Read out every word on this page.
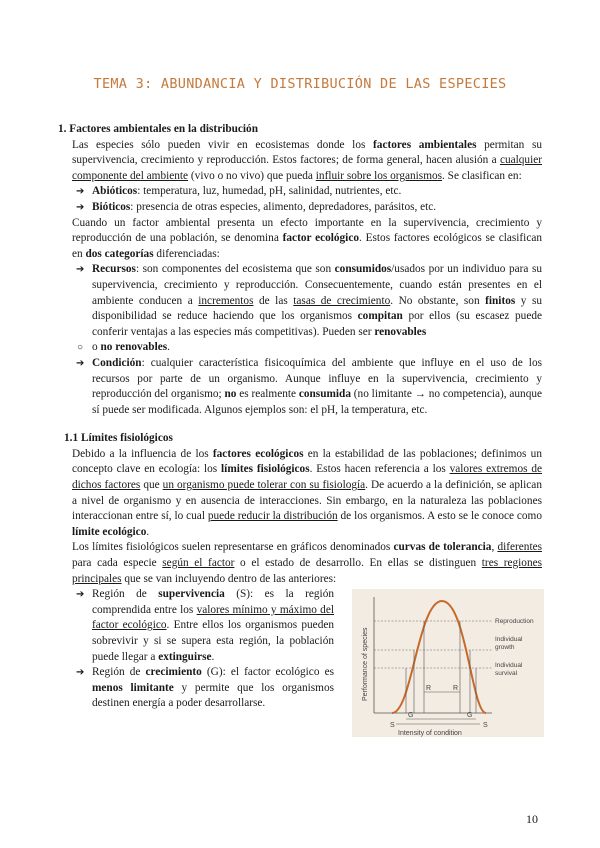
TEMA 3: ABUNDANCIA Y DISTRIBUCIÓN DE LAS ESPECIES

1. Factores ambientales en la distribución

Las especies sólo pueden vivir en ecosistemas donde los factores ambientales permitan su supervivencia, crecimiento y reproducción. Estos factores; de forma general, hacen alusión a cualquier componente del ambiente (vivo o no vivo) que pueda influir sobre los organismos. Se clasifican en:

➔ Abióticos: temperatura, luz, humedad, pH, salinidad, nutrientes, etc.

➔ Bióticos: presencia de otras especies, alimento, depredadores, parásitos, etc.

Cuando un factor ambiental presenta un efecto importante en la supervivencia, crecimiento y reproducción de una población, se denomina factor ecológico. Estos factores ecológicos se clasifican en dos categorías diferenciadas:

➔ Recursos: son componentes del ecosistema que son consumidos/usados por un individuo para su supervivencia, crecimiento y reproducción. Consecuentemente, cuando están presentes en el ambiente conducen a incrementos de las tasas de crecimiento. No obstante, son finitos y su disponibilidad se reduce haciendo que los organismos compitan por ellos (su escasez puede conferir ventajas a las especies más competitivas). Pueden ser renovables

○ o no renovables.

➔ Condición: cualquier característica fisicoquímica del ambiente que influye en el uso de los recursos por parte de un organismo. Aunque influye en la supervivencia, crecimiento y reproducción del organismo; no es realmente consumida (no limitante → no competencia), aunque sí puede ser modificada. Algunos ejemplos son: el pH, la temperatura, etc.

1.1 Límites fisiológicos

Debido a la influencia de los factores ecológicos en la estabilidad de las poblaciones; definimos un concepto clave en ecología: los límites fisiológicos. Estos hacen referencia a los valores extremos de dichos factores que un organismo puede tolerar con su fisiología. De acuerdo a la definición, se aplican a nivel de organismo y en ausencia de interacciones. Sin embargo, en la naturaleza las poblaciones interaccionan entre sí, lo cual puede reducir la distribución de los organismos. A esto se le conoce como límite ecológico.

Los límites fisiológicos suelen representarse en gráficos denominados curvas de tolerancia, diferentes para cada especie según el factor o el estado de desarrollo. En ellas se distinguen tres regiones principales que se van incluyendo dentro de las anteriores:

➔ Región de supervivencia (S): es la región comprendida entre los valores mínimo y máximo del factor ecológico. Entre ellos los organismos pueden sobrevivir y si se supera esta región, la población puede llegar a extinguirse.

➔ Región de crecimiento (G): el factor ecológico es menos limitante y permite que los organismos destinen energía a poder desarrollarse.

R	R
G	G
S	S
Intensity of condition
Performance of species
Reproduction
Individual
growth
Individual
survival
10
